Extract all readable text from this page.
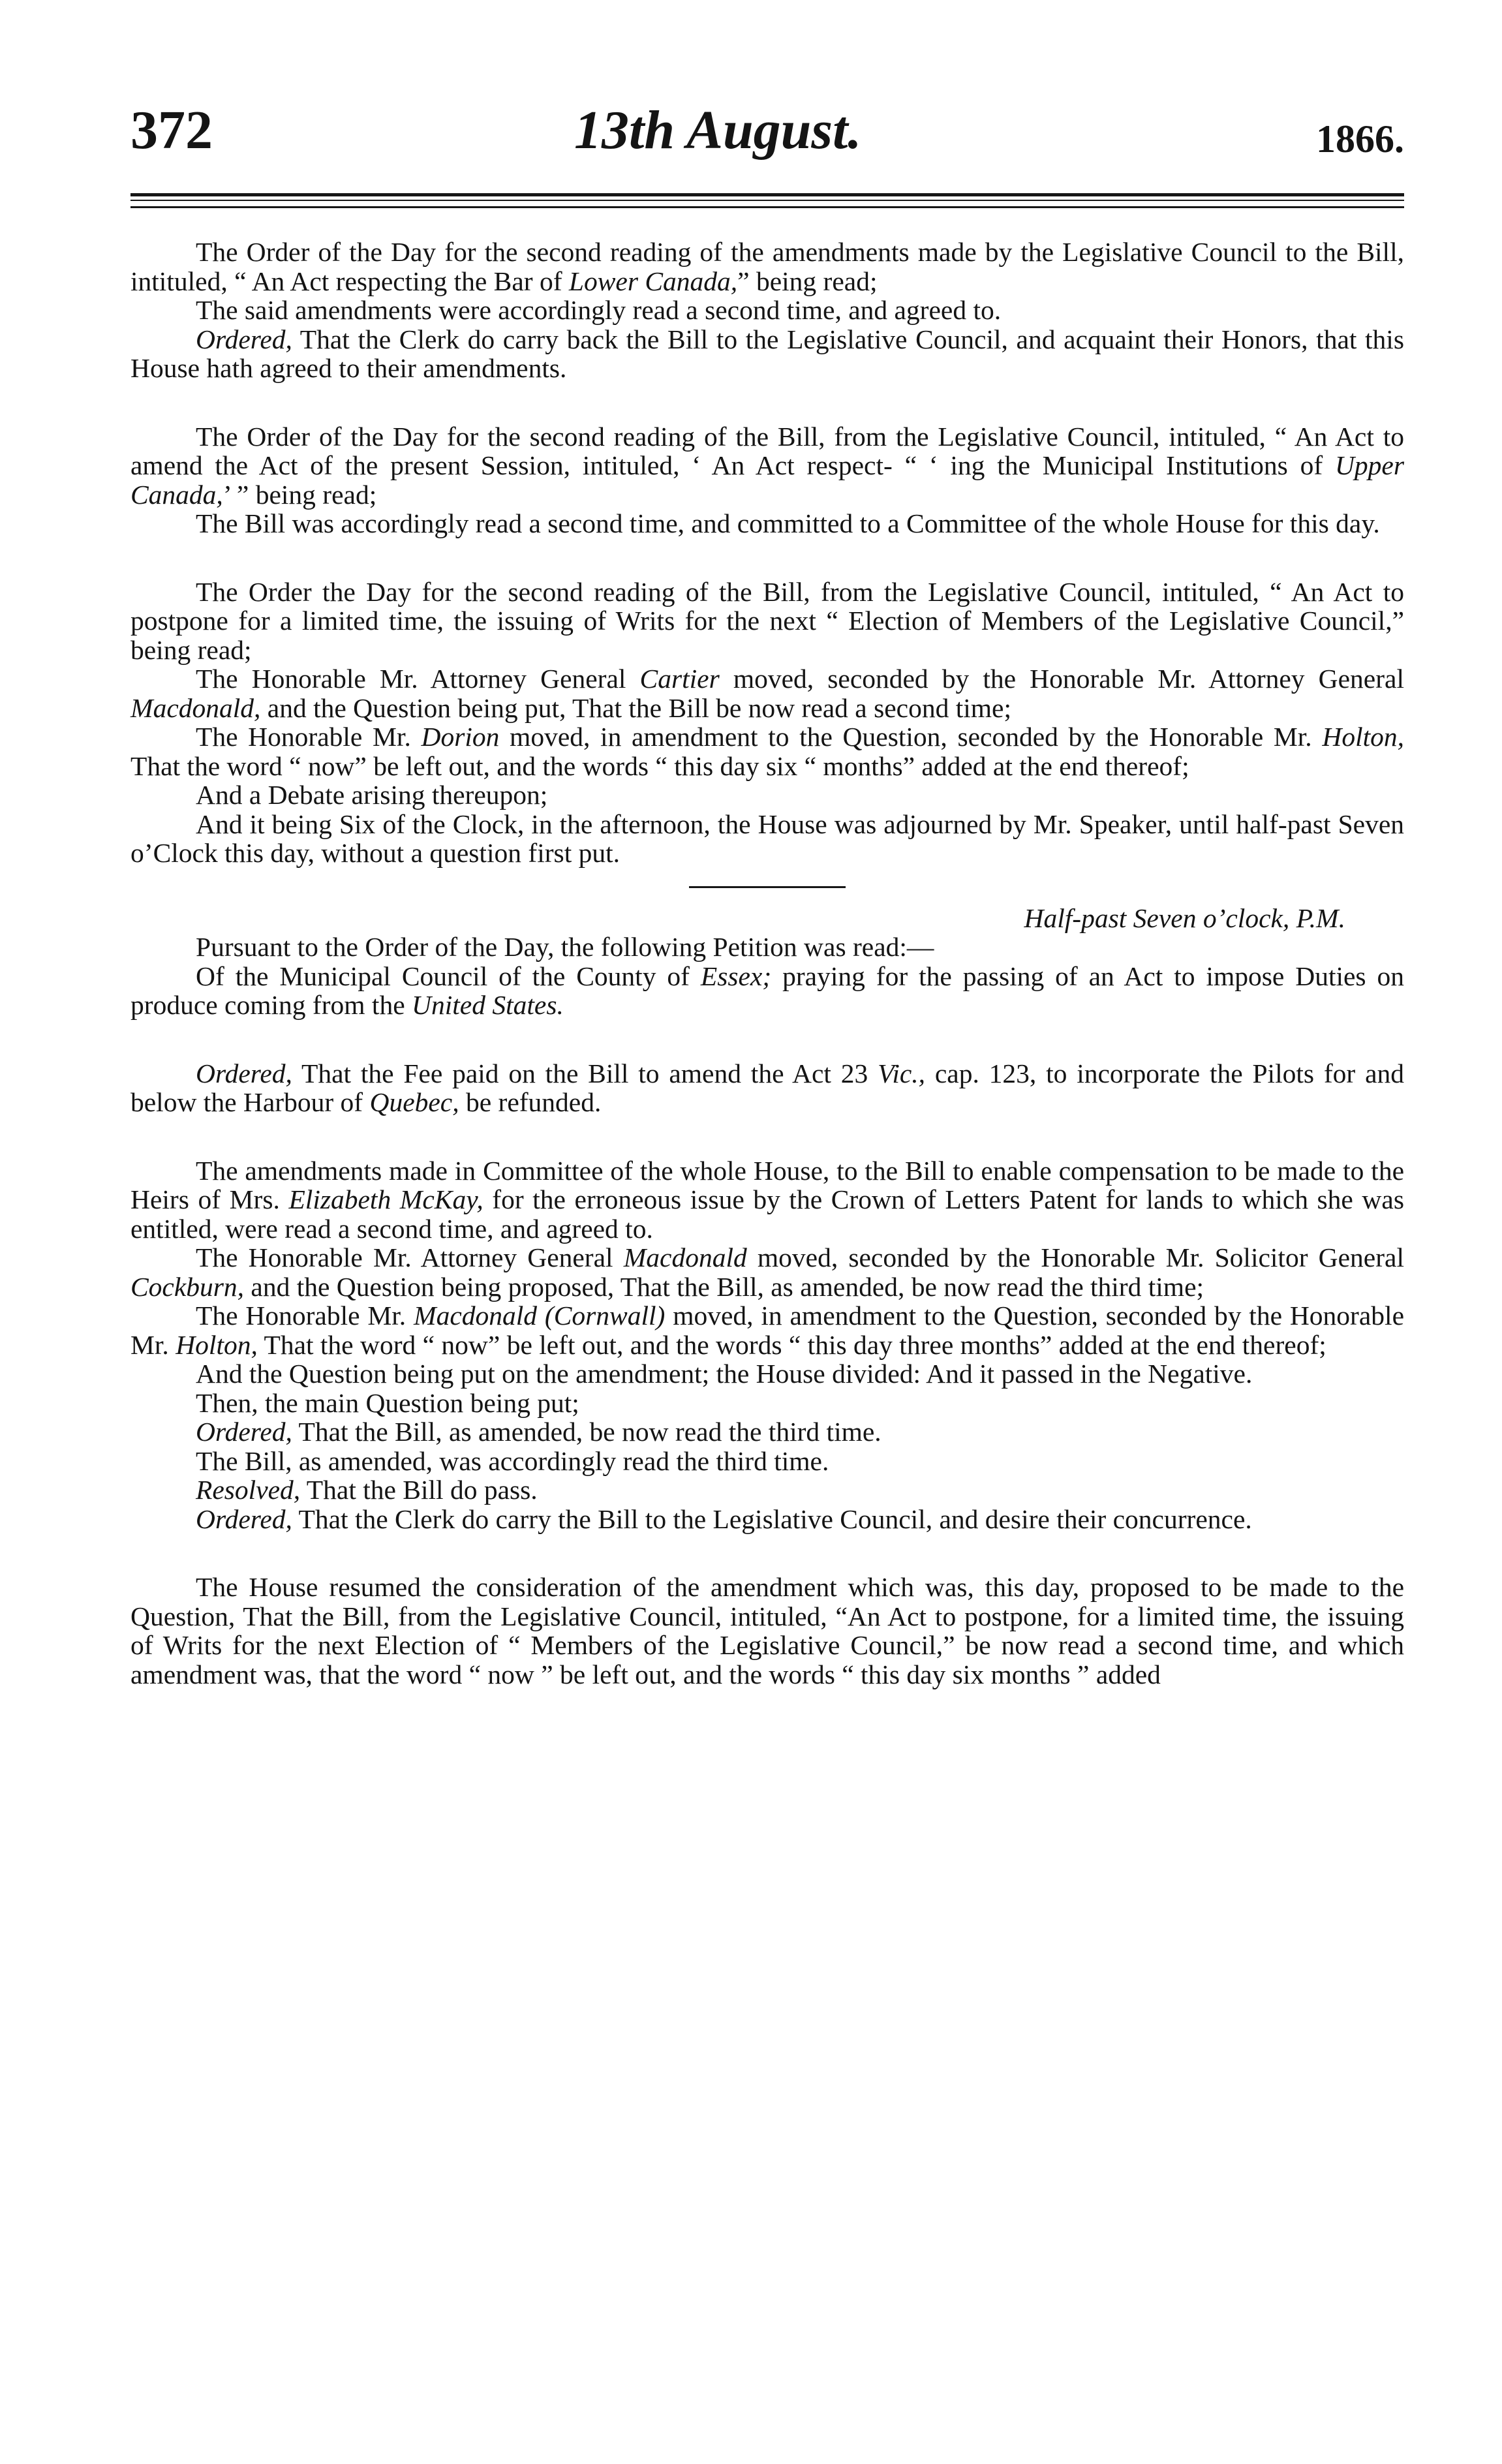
372	13th August.	1866.

The Order of the Day for the second reading of the amendments made by the Legislative Council to the Bill, intituled, “ An Act respecting the Bar of Lower Canada,” being read;

The said amendments were accordingly read a second time, and agreed to.

Ordered, That the Clerk do carry back the Bill to the Legislative Council, and acquaint their Honors, that this House hath agreed to their amendments.

The Order of the Day for the second reading of the Bill, from the Legislative Council, intituled, “ An Act to amend the Act of the present Session, intituled, ‘ An Act respect- “ ‘ ing the Municipal Institutions of Upper Canada,’ ” being read;

The Bill was accordingly read a second time, and committed to a Committee of the whole House for this day.

The Order the Day for the second reading of the Bill, from the Legislative Council, intituled, “ An Act to postpone for a limited time, the issuing of Writs for the next “ Election of Members of the Legislative Council,” being read;

The Honorable Mr. Attorney General Cartier moved, seconded by the Honorable Mr. Attorney General Macdonald, and the Question being put, That the Bill be now read a second time;

The Honorable Mr. Dorion moved, in amendment to the Question, seconded by the Honorable Mr. Holton, That the word “ now” be left out, and the words “ this day six “ months” added at the end thereof;

And a Debate arising thereupon;

And it being Six of the Clock, in the afternoon, the House was adjourned by Mr. Speaker, until half-past Seven o’Clock this day, without a question first put.

Half-past Seven o’clock, P.M.

Pursuant to the Order of the Day, the following Petition was read:—

Of the Municipal Council of the County of Essex; praying for the passing of an Act to impose Duties on produce coming from the United States.

Ordered, That the Fee paid on the Bill to amend the Act 23 Vic., cap. 123, to incorporate the Pilots for and below the Harbour of Quebec, be refunded.

The amendments made in Committee of the whole House, to the Bill to enable compensation to be made to the Heirs of Mrs. Elizabeth McKay, for the erroneous issue by the Crown of Letters Patent for lands to which she was entitled, were read a second time, and agreed to.

The Honorable Mr. Attorney General Macdonald moved, seconded by the Honorable Mr. Solicitor General Cockburn, and the Question being proposed, That the Bill, as amended, be now read the third time;

The Honorable Mr. Macdonald (Cornwall) moved, in amendment to the Question, seconded by the Honorable Mr. Holton, That the word “ now” be left out, and the words “ this day three months” added at the end thereof;

And the Question being put on the amendment; the House divided: And it passed in the Negative.

Then, the main Question being put;

Ordered, That the Bill, as amended, be now read the third time.

The Bill, as amended, was accordingly read the third time.

Resolved, That the Bill do pass.

Ordered, That the Clerk do carry the Bill to the Legislative Council, and desire their concurrence.

The House resumed the consideration of the amendment which was, this day, proposed to be made to the Question, That the Bill, from the Legislative Council, intituled, “An Act to postpone, for a limited time, the issuing of Writs for the next Election of “ Members of the Legislative Council,” be now read a second time, and which amendment was, that the word “ now ” be left out, and the words “ this day six months ” added
